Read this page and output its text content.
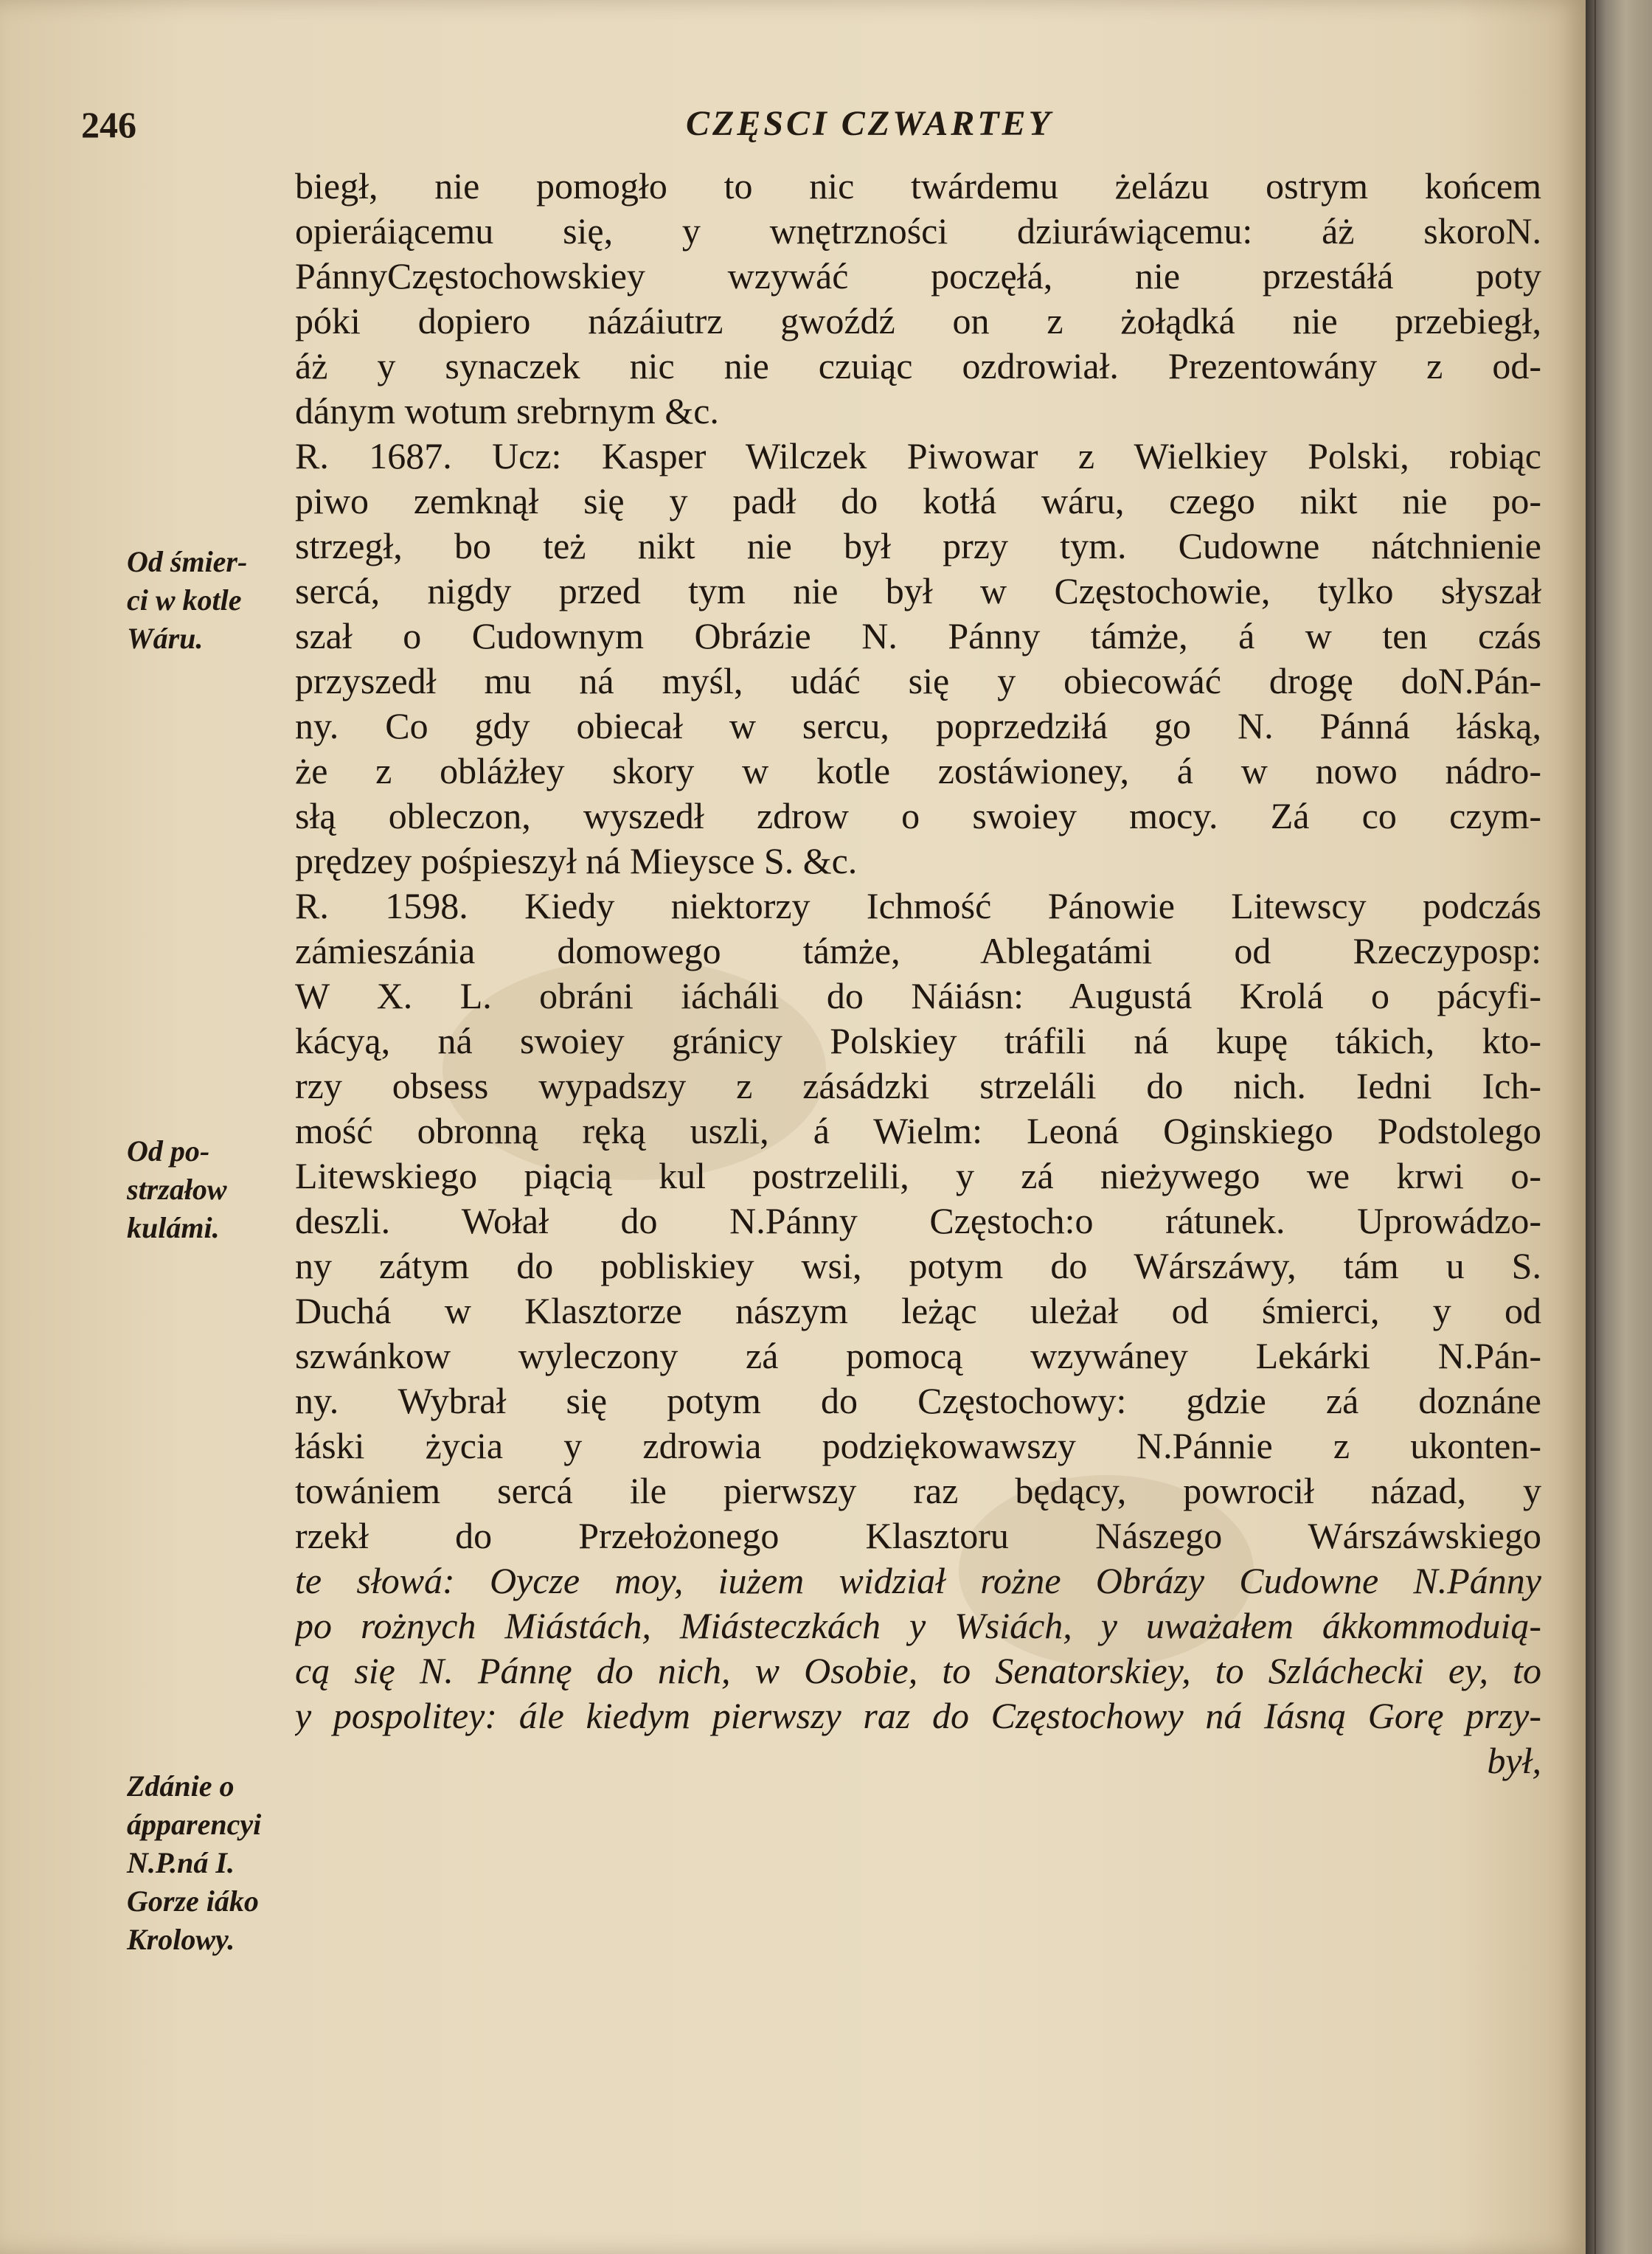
246	CZĘSCI CZWARTEY
biegł, nie pomogło to nic twárdemu żelázu ostrym końcem
opieráiącemu się, y wnętrzności dziuráwiącemu: áż skoroN.
PánnyCzęstochowskiey wzywáć poczęłá, nie przestáłá poty
póki dopiero názáiutrz gwoźdź on z żołądká nie przebiegł,
áż y synaczek nic nie czuiąc ozdrowiał. Prezentowány z od-
dánym wotum srebrnym &c.
R. 1687. Ucz: Kasper Wilczek Piwowar z Wielkiey Polski, robiąc
piwo zemknął się y padł do kotłá wáru, czego nikt nie po-
strzegł, bo też nikt nie był przy tym. Cudowne nátchnienie
sercá, nigdy przed tym nie był w Częstochowie, tylko słyszał
szał o Cudownym Obrázie N. Pánny támże, á w ten czás
przyszedł mu ná myśl, udáć się y obiecowáć drogę doN.Pán-
ny. Co gdy obiecał w sercu, poprzedziłá go N. Pánná łáską,
że z obláżłey skory w kotle zostáwioney, á w nowo nádro-
słą obleczon, wyszedł zdrow o swoiey mocy. Zá co czym-
prędzey pośpieszył ná Mieysce S. &c.
R. 1598. Kiedy niektorzy Ichmość Pánowie Litewscy podczás
zámieszánia domowego támże, Ablegatámi od Rzeczyposp:
W X. L. obráni iácháli do Náiásn: Augustá Krolá o pácyfi-
kácyą, ná swoiey gránicy Polskiey tráfili ná kupę tákich, kto-
rzy obsess wypadszy z zásádzki strzeláli do nich. Iedni Ich-
mość obronną ręką uszli, á Wielm: Leoná Oginskiego Podstolego
Litewskiego piącią kul postrzelili, y zá nieżywego we krwi o-
deszli. Wołał do N.Pánny Częstoch:o rátunek. Uprowádzo-
ny zátym do pobliskiey wsi, potym do Wárszáwy, tám u S.
Duchá w Klasztorze nászym leżąc uleżał od śmierci, y od
szwánkow wyleczony zá pomocą wzywáney Lekárki N.Pán-
ny. Wybrał się potym do Częstochowy: gdzie zá doznáne
łáski życia y zdrowia podziękowawszy N.Pánnie z ukonten-
towániem sercá ile pierwszy raz będący, powrocił názad, y
rzekł do Przełożonego Klasztoru Nászego Wárszáwskiego
te słowá: Oycze moy, iużem widział rożne Obrázy Cudowne N.Pánny
po rożnych Miástách, Miásteczkách y Wsiách, y uważałem ákkommoduią-
cą się N. Pánnę do nich, w Osobie, to Senatorskiey, to Szláchecki ey, to
y pospolitey: ále kiedym pierwszy raz do Częstochowy ná Iásną Gorę przy-
był,
Od śmier-
ci w kotle
Wáru.
Od po-
strzałow
kulámi.
Zdánie o
ápparencyi
N.P.ná I.
Gorze iáko
Krolowy.
